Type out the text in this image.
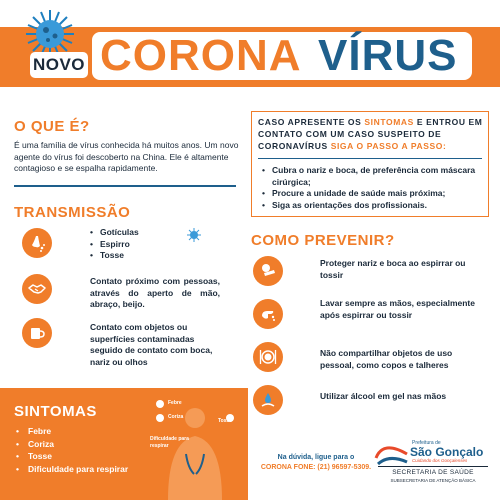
NOVO CORONA VÍRUS
O QUE É?
É uma família de vírus conhecida há muitos anos. Um novo agente do vírus foi descoberto na China. Ele é altamente contagioso e se espalha rapidamente.
TRANSMISSÃO
• Gotículas
• Espirro
• Tosse
Contato próximo com pessoas, através do aperto de mão, abraço, beijo.
Contato com objetos ou superfícies contaminadas seguido de contato com boca, nariz ou olhos
CASO APRESENTE OS SINTOMAS E ENTROU EM CONTATO COM UM CASO SUSPEITO DE CORONAVÍRUS SIGA O PASSO A PASSO:
• Cubra o nariz e boca, de preferência com máscara cirúrgica;
• Procure a unidade de saúde mais próxima;
• Siga as orientações dos profissionais.
COMO PREVENIR?
Proteger nariz e boca ao espirrar ou tossir
Lavar sempre as mãos, especialmente após espirrar ou tossir
Não compartilhar objetos de uso pessoal, como copos e talheres
Utilizar álcool em gel nas mãos
SINTOMAS
• Febre
• Coriza
• Tosse
• Dificuldade para respirar
Febre
Coriza
Tosse
Dificuldade para respirar
Na dúvida, ligue para o
CORONA FONE: (21) 96597-5309.
Prefeitura de
São Gonçalo
Cuidando dos Gonçalenses
SECRETARIA DE SAÚDE
SUBSECRETARIA DE ATENÇÃO BÁSICA
